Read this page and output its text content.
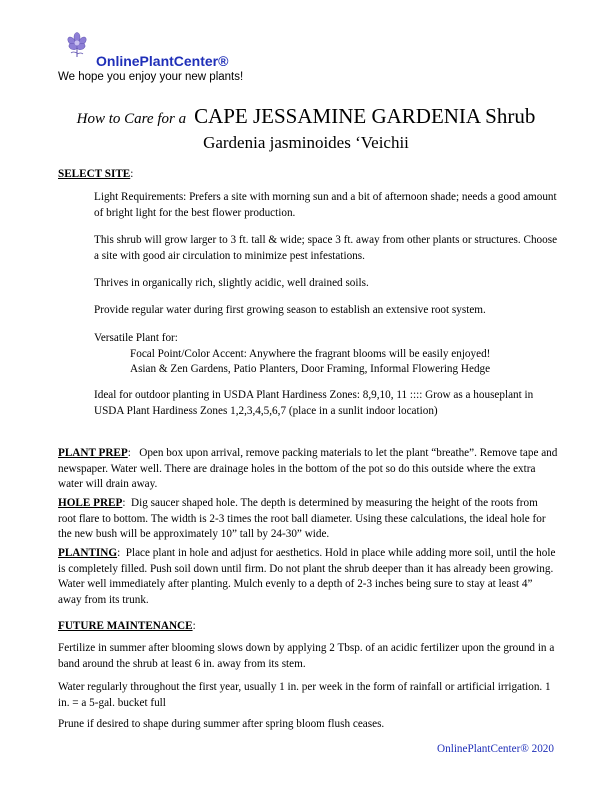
OnlinePlantCenter®
We hope you enjoy your new plants!
How to Care for a CAPE JESSAMINE GARDENIA Shrub
Gardenia jasminoides ‘Veichii

SELECT SITE:

Light Requirements: Prefers a site with morning sun and a bit of afternoon shade; needs a good amount of bright light for the best flower production.

This shrub will grow larger to 3 ft. tall & wide; space 3 ft. away from other plants or structures. Choose a site with good air circulation to minimize pest infestations.

Thrives in organically rich, slightly acidic, well drained soils.

Provide regular water during first growing season to establish an extensive root system.

Versatile Plant for:

Focal Point/Color Accent: Anywhere the fragrant blooms will be easily enjoyed!

Asian & Zen Gardens, Patio Planters, Door Framing, Informal Flowering Hedge

Ideal for outdoor planting in USDA Plant Hardiness Zones: 8,9,10, 11 :::: Grow as a houseplant in USDA Plant Hardiness Zones 1,2,3,4,5,6,7 (place in a sunlit indoor location)

PLANT PREP:   Open box upon arrival, remove packing materials to let the plant “breathe”. Remove tape and newspaper. Water well. There are drainage holes in the bottom of the pot so do this outside where the extra water will drain away.

HOLE PREP:  Dig saucer shaped hole. The depth is determined by measuring the height of the roots from root flare to bottom. The width is 2-3 times the root ball diameter. Using these calculations, the ideal hole for the new bush will be approximately 10” tall by 24-30” wide.

PLANTING:  Place plant in hole and adjust for aesthetics. Hold in place while adding more soil, until the hole is completely filled. Push soil down until firm. Do not plant the shrub deeper than it has already been growing. Water well immediately after planting. Mulch evenly to a depth of 2-3 inches being sure to stay at least 4” away from its trunk.

FUTURE MAINTENANCE:

Fertilize in summer after blooming slows down by applying 2 Tbsp. of an acidic fertilizer upon the ground in a band around the shrub at least 6 in. away from its stem.

Water regularly throughout the first year, usually 1 in. per week in the form of rainfall or artificial irrigation. 1 in. = a 5-gal. bucket full

Prune if desired to shape during summer after spring bloom flush ceases.

OnlinePlantCenter® 2020
